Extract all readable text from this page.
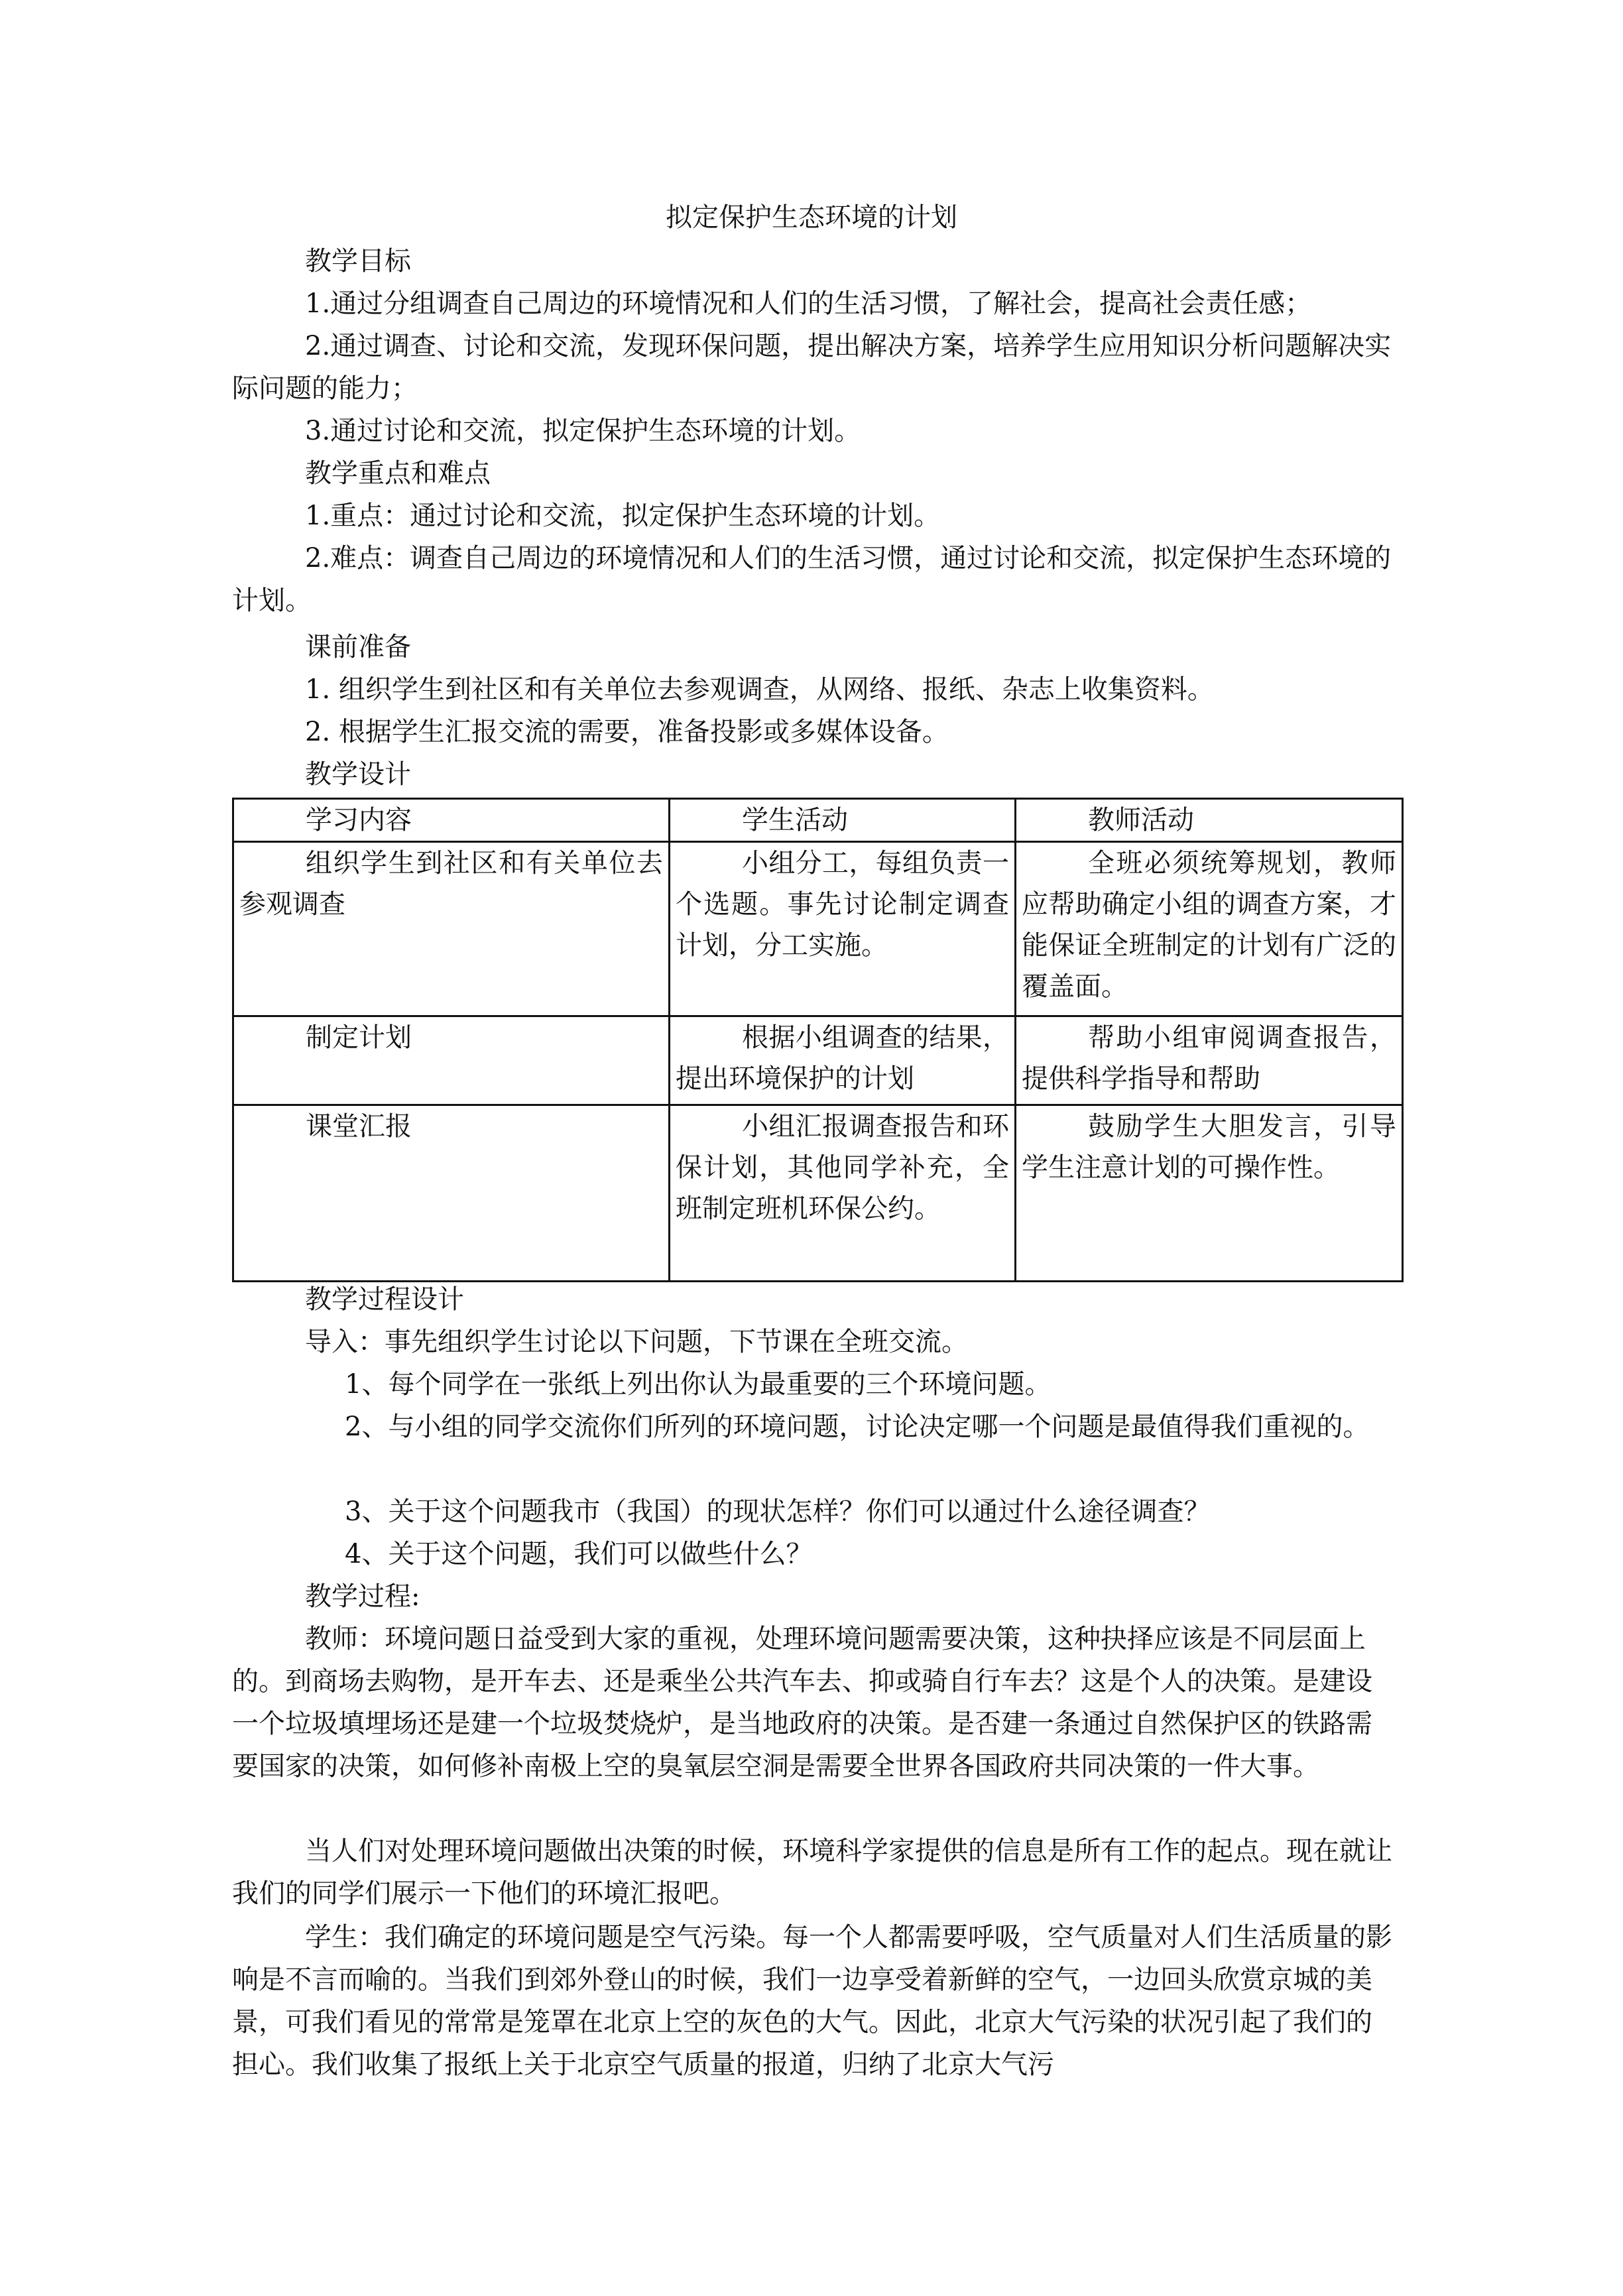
拟定保护生态环境的计划

教学目标

1.通过分组调查自己周边的环境情况和人们的生活习惯，了解社会，提高社会责任感；

2.通过调查、讨论和交流，发现环保问题，提出解决方案，培养学生应用知识分析问题解决实际问题的能力；

3.通过讨论和交流，拟定保护生态环境的计划。

教学重点和难点

1.重点：通过讨论和交流，拟定保护生态环境的计划。

2.难点：调查自己周边的环境情况和人们的生活习惯，通过讨论和交流，拟定保护生态环境的计划。

课前准备

1. 组织学生到社区和有关单位去参观调查，从网络、报纸、杂志上收集资料。

2. 根据学生汇报交流的需要，准备投影或多媒体设备。

教学设计

学习内容	学生活动	教师活动

组织学生到社区和有关单位去参观调查	小组分工，每组负责一个选题。事先讨论制定调查计划，分工实施。	全班必须统筹规划，教师应帮助确定小组的调查方案，才能保证全班制定的计划有广泛的覆盖面。

制定计划	根据小组调查的结果，提出环境保护的计划	帮助小组审阅调查报告，提供科学指导和帮助

课堂汇报	小组汇报调查报告和环保计划，其他同学补充，全班制定班机环保公约。	鼓励学生大胆发言，引导学生注意计划的可操作性。

教学过程设计

导入：事先组织学生讨论以下问题，下节课在全班交流。

1、每个同学在一张纸上列出你认为最重要的三个环境问题。

2、与小组的同学交流你们所列的环境问题，讨论决定哪一个问题是最值得我们重视的。

3、关于这个问题我市（我国）的现状怎样？你们可以通过什么途径调查？

4、关于这个问题，我们可以做些什么？

教学过程:

教师：环境问题日益受到大家的重视，处理环境问题需要决策，这种抉择应该是不同层面上的。到商场去购物，是开车去、还是乘坐公共汽车去、抑或骑自行车去？这是个人的决策。是建设一个垃圾填埋场还是建一个垃圾焚烧炉，是当地政府的决策。是否建一条通过自然保护区的铁路需要国家的决策，如何修补南极上空的臭氧层空洞是需要全世界各国政府共同决策的一件大事。

当人们对处理环境问题做出决策的时候，环境科学家提供的信息是所有工作的起点。现在就让我们的同学们展示一下他们的环境汇报吧。

学生：我们确定的环境问题是空气污染。每一个人都需要呼吸，空气质量对人们生活质量的影响是不言而喻的。当我们到郊外登山的时候，我们一边享受着新鲜的空气，一边回头欣赏京城的美景，可我们看见的常常是笼罩在北京上空的灰色的大气。因此，北京大气污染的状况引起了我们的担心。我们收集了报纸上关于北京空气质量的报道，归纳了北京大气污
